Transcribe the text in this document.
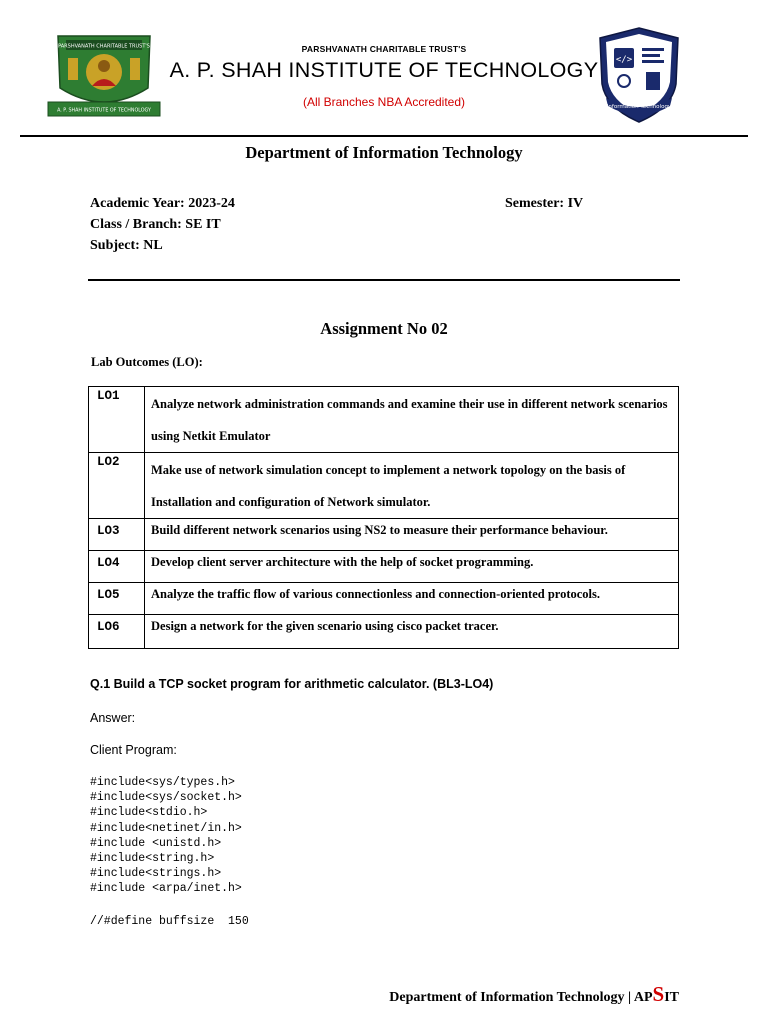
PARSHVANATH CHARITABLE TRUST'S
A. P. SHAH INSTITUTE OF TECHNOLOGY
PARSHVANATH CHARITABLE TRUST'S
A. P. SHAH INSTITUTE OF TECHNOLOGY
(All Branches NBA Accredited)
</>
Information Technology
Department of Information Technology
Academic Year: 2023-24	Semester: IV
Class / Branch: SE IT
Subject: NL
Assignment No 02
Lab Outcomes (LO):
LO1	Analyze network administration commands and examine their use in different network scenarios using Netkit Emulator
LO2	Make use of network simulation concept to implement a network topology on the basis of Installation and configuration of Network simulator.
LO3	Build different network scenarios using NS2 to measure their performance behaviour.
LO4	Develop client server architecture with the help of socket programming.
LO5	Analyze the traffic flow of various connectionless and connection-oriented protocols.
LO6	Design a network for the given scenario using cisco packet tracer.
Q.1 Build a TCP socket program for arithmetic calculator. (BL3-LO4)
Answer:
Client Program:
#include<sys/types.h>
#include<sys/socket.h>
#include<stdio.h>
#include<netinet/in.h>
#include <unistd.h>
#include<string.h>
#include<strings.h>
#include <arpa/inet.h>
//#define buffsize  150
Department of Information Technology | APSIT
